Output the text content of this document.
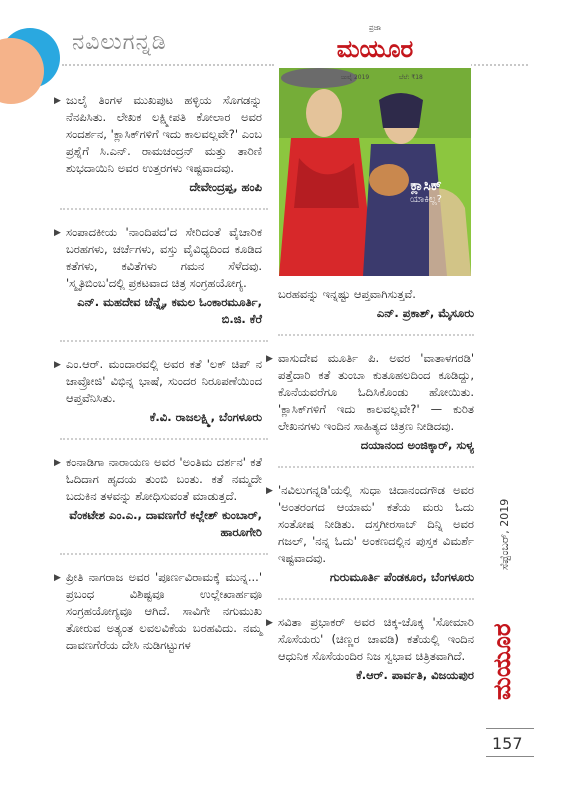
ನವಿಲುಗನ್ನಡಿ	ಮಯೂರ
ಪ್ರಜಾ
ಜುಲೈ 2019	ಬೆಲೆ: ₹18
ಕ್ಲಾಸಿಕ್
ಯಾಕಿಲ್ಲ?
▶ ಜುಲೈ ತಿಂಗಳ ಮುಖಪುಟ ಹಳ್ಳಿಯ ಸೊಗಡನ್ನು ನೆನಪಿಸಿತು. ಲೇಖಕ ಲಕ್ಷ್ಮೀಪತಿ ಕೋಲಾರ ಅವರ ಸಂದರ್ಶನ, 'ಕ್ಲಾಸಿಕ್‌ಗಳಿಗೆ ಇದು ಕಾಲವಲ್ಲವೇ?' ಎಂಬ ಪ್ರಶ್ನೆಗೆ ಸಿ.ಎನ್. ರಾಮಚಂದ್ರನ್ ಮತ್ತು ತಾರಿಣಿ ಶುಭದಾಯಿನಿ ಅವರ ಉತ್ತರಗಳು ಇಷ್ಟವಾದವು.
ದೇವೇಂದ್ರಪ್ಪ, ಹಂಪಿ
▶ ಸಂಪಾದಕೀಯ 'ನಾಂದಿಪದ'ದ ಸೇರಿದಂತೆ ವೈಚಾರಿಕ ಬರಹಗಳು, ಚರ್ಚೆಗಳು, ವಸ್ತು ವೈವಿಧ್ಯದಿಂದ ಕೂಡಿದ ಕತೆಗಳು, ಕವಿತೆಗಳು ಗಮನ ಸೆಳೆದವು. 'ಸ್ಮೃತಿಬಿಂಬ'ದಲ್ಲಿ ಪ್ರಕಟವಾದ ಚಿತ್ರ ಸಂಗ್ರಹಯೋಗ್ಯ.
ಎನ್. ಮಹದೇವ ಚೆನ್ನೈ, ಕಮಲ ಓಂಕಾರಮೂರ್ತಿ, ಬಿ.ಜಿ. ಕೆರೆ
▶ ಎಂ.ಆರ್. ಮಂದಾರವಲ್ಲಿ ಅವರ ಕತೆ 'ಲಕ್ ಚಿಪ್ ನ ಜಾವ್ರೋಜಿ' ವಿಭಿನ್ನ ಭಾಷೆ, ಸುಂದರ ನಿರೂಪಣೆಯಿಂದ ಆಪ್ತವೆನಿಸಿತು.
ಕೆ.ವಿ. ರಾಜಲಕ್ಷ್ಮಿ, ಬೆಂಗಳೂರು
▶ ಕಂನಾಡಿಗಾ ನಾರಾಯಣ ಅವರ 'ಅಂತಿಮ ದರ್ಶನ' ಕತೆ ಓದಿದಾಗ ಹೃದಯ ತುಂಬಿ ಬಂತು. ಕತೆ ನಮ್ಮದೇ ಬದುಕಿನ ತಳವನ್ನು ಶೋಧಿಸುವಂತೆ ಮಾಡುತ್ತದೆ.
ವೆಂಕಟೇಶ ಎಂ.ಎ., ದಾವಣಗೆರೆ ಕಲ್ಲೇಶ್ ಕುಂಬಾರ್, ಹಾರೂಗೇರಿ
▶ ಪ್ರೀತಿ ನಾಗರಾಜ ಅವರ 'ಪೂರ್ಣವಿರಾಮಕ್ಕೆ ಮುನ್ನ...' ಪ್ರಬಂಧ ವಿಶಿಷ್ಟವೂ ಉಲ್ಲೇಖಾರ್ಹವೂ ಸಂಗ್ರಹಯೋಗ್ಯವೂ ಆಗಿದೆ. ಸಾವಿಗೇ ನಗುಮುಖ ತೋರುವ ಅತ್ಯಂತ ಲವಲವಿಕೆಯ ಬರಹವಿದು. ನಮ್ಮ ದಾವಣಗೆರೆಯ ದೇಸಿ ನುಡಿಗಟ್ಟುಗಳ
ಬರಹವನ್ನು ಇನ್ನಷ್ಟು ಆಪ್ತವಾಗಿಸುತ್ತವೆ.
ಎನ್. ಪ್ರಕಾಶ್, ಮೈಸೂರು
▶ ವಾಸುದೇವ ಮೂರ್ತಿ ಪಿ. ಅವರ 'ವಾತಾಳಗರಡಿ' ಪತ್ತೆದಾರಿ ಕತೆ ತುಂಬಾ ಕುತೂಹಲದಿಂದ ಕೂಡಿದ್ದು, ಕೊನೆಯವರೆಗೂ ಓದಿಸಿಕೊಂಡು ಹೋಯಿತು. 'ಕ್ಲಾಸಿಕ್‌ಗಳಿಗೆ ಇದು ಕಾಲವಲ್ಲವೇ?' — ಕುರಿತ ಲೇಖನಗಳು ಇಂದಿನ ಸಾಹಿತ್ಯದ ಚಿತ್ರಣ ನೀಡಿದವು.
ದಯಾನಂದ ಅಂಜಿಕ್ಕಾರ್, ಸುಳ್ಯ
▶ 'ನವಿಲುಗನ್ನಡಿ'ಯಲ್ಲಿ ಸುಧಾ ಚಿದಾನಂದಗೌಡ ಅವರ 'ಅಂತರಂಗದ ಆಯಾಮ' ಕತೆಯ ಮರು ಓದು ಸಂತೋಷ ನೀಡಿತು. ದಸ್ತಗೀರಸಾಬ್ ದಿನ್ನಿ ಅವರ ಗಜಲ್, 'ನನ್ನ ಓದು' ಅಂಕಣದಲ್ಲಿನ ಪುಸ್ತಕ ವಿಮರ್ಶೆ ಇಷ್ಟವಾದವು.
ಗುರುಮೂರ್ತಿ ಪೆಂಡಕೂರ, ಬೆಂಗಳೂರು
▶ ಸವಿತಾ ಪ್ರಭಾಕರ್ ಅವರ ಚಿಕ್ಕ-ಚೊಕ್ಕ 'ಸೋಮಾರಿ ಸೊಸೆಯರು' (ಚಿಣ್ಣರ ಚಾವಡಿ) ಕತೆಯಲ್ಲಿ ಇಂದಿನ ಆಧುನಿಕ ಸೊಸೆಯಂದಿರ ನಿಜ ಸ್ವಭಾವ ಚಿತ್ರಿತವಾಗಿದೆ.
ಕೆ.ಆರ್. ಪಾರ್ವತಿ, ವಿಜಯಪುರ
ಸೆಪ್ಟೆಂಬರ್, 2019
ಮಯೂರ

157
